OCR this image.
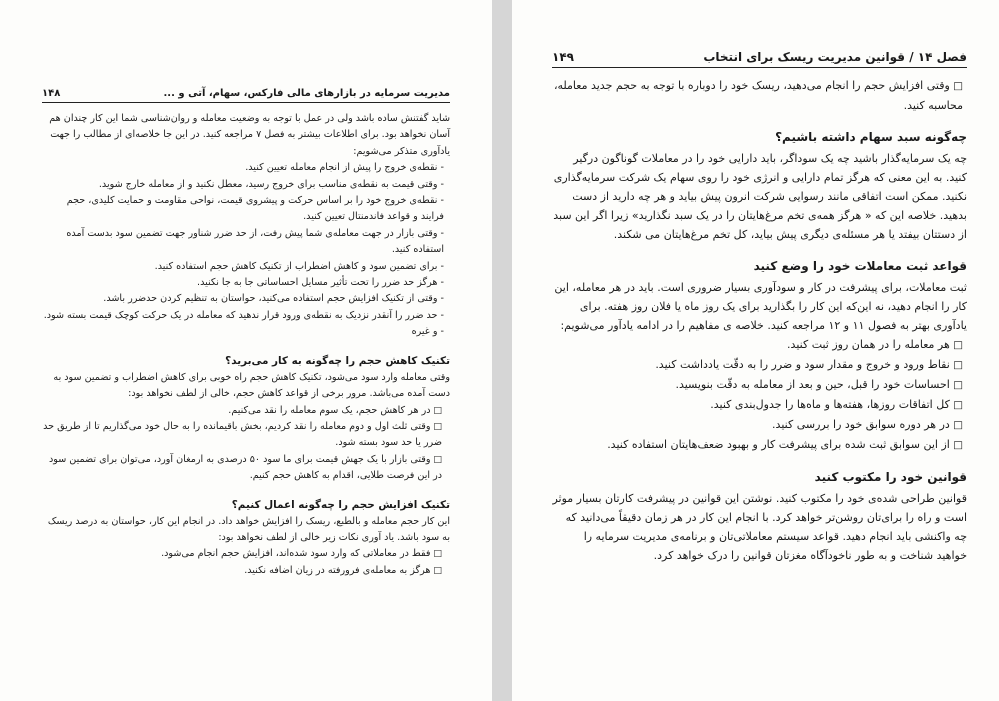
مدیریت سرمایه در بازارهای مالی فارکس، سهام، آتی و ...
۱۴۸

شاید گفتنش ساده باشد ولی در عمل با توجه به وضعیت معامله و روان‌شناسی شما این کار چندان هم آسان نخواهد بود. برای اطلاعات بیشتر به فصل ۷ مراجعه کنید. در این جا خلاصه‌ای از مطالب را جهت یادآوری متذکر می‌شویم:

- نقطه‌ی خروج را پیش از انجام معامله تعیین کنید.
- وقتی قیمت به نقطه‌ی مناسب برای خروج رسید، معطل نکنید و از معامله خارج شوید.
- نقطه‌ی خروج خود را بر اساس حرکت و پیشروی قیمت، نواحی مقاومت و حمایت کلیدی، حجم فرایند و قواعد فاندمنتال تعیین کنید.
- وقتی بازار در جهت معامله‌ی شما پیش رفت، از حد ضرر شناور جهت تضمین سود بدست آمده استفاده کنید.
- برای تضمین سود و کاهش اضطراب از تکنیک کاهش حجم استفاده کنید.
- هرگز حد ضرر را تحت تأثیر مسایل احساساتی جا به جا نکنید.
- وقتی از تکنیک افزایش حجم استفاده می‌کنید، حواستان به تنظیم کردن حدضرر باشد.
- حد ضرر را آنقدر نزدیک به نقطه‌ی ورود قرار ندهید که معامله در یک حرکت کوچک قیمت بسته شود.
- و غیره
تکنیک کاهش حجم را چه‌گونه به کار می‌برید؟

وقتی معامله وارد سود می‌شود، تکنیک کاهش حجم راه خوبی برای کاهش اضطراب و تضمین سود به دست آمده می‌باشد. مرور برخی از قواعد کاهش حجم، خالی از لطف نخواهد بود:

□ در هر کاهش حجم، یک سوم معامله را نقد می‌کنیم.
□ وقتی ثلث اول و دوم معامله را نقد کردیم، بخش باقیمانده را به حال خود می‌گذاریم تا از طریق حد ضرر یا حد سود بسته شود.
□ وقتی بازار با یک جهش قیمت برای ما سود ۵۰ درصدی به ارمغان آورد، می‌توان برای تضمین سود در این فرصت طلایی، اقدام به کاهش حجم کنیم.
تکنیک افزایش حجم را چه‌گونه اعمال کنیم؟

این کار حجم معامله و بالطبع، ریسک را افزایش خواهد داد. در انجام این کار، حواستان به درصد ریسک به سود باشد. یاد آوری نکات زیر خالی از لطف نخواهد بود:

□ فقط در معاملاتی که وارد سود شده‌اند، افزایش حجم انجام می‌شود.
□ هرگز به معامله‌ی فرورفته در زیان اضافه نکنید.
فصل ۱۴ / قوانین مدیریت ریسک برای انتخاب
۱۴۹
□ وقتی افزایش حجم را انجام می‌دهید، ریسک خود را دوباره با توجه به حجم جدید معامله، محاسبه کنید.
چه‌گونه سبد سهام داشته باشیم؟

چه یک سرمایه‌گذار باشید چه یک سوداگر، باید دارایی خود را در معاملات گوناگون درگیر کنید. به این معنی که هرگز تمام دارایی و انرژی خود را روی سهام یک شرکت سرمایه‌گذاری نکنید. ممکن است اتفاقی مانند رسوایی شرکت انرون پیش بیاید و هر چه دارید از دست بدهید. خلاصه این که « هرگز همه‌ی تخم مرغ‌هایتان را در یک سبد نگذارید» زیرا اگر این سبد از دستتان بیفتد یا هر مسئله‌ی دیگری پیش بیاید، کل تخم مرغ‌هایتان می شکند.

قواعد ثبت معاملات خود را وضع کنید

ثبت معاملات، برای پیشرفت در کار و سودآوری بسیار ضروری است. باید در هر معامله، این کار را انجام دهید، نه این‌که این کار را بگذارید برای یک روز ماه یا فلان روز هفته. برای یادآوری بهتر به فصول ۱۱ و ۱۲ مراجعه کنید. خلاصه ی مفاهیم را در ادامه یادآور می‌شویم:

□ هر معامله را در همان روز ثبت کنید.
□ نقاط ورود و خروج و مقدار سود و ضرر را به دقّت یادداشت کنید.
□ احساسات خود را قبل، حین و بعد از معامله به دقّت بنویسید.
□ کل اتفاقات روزها، هفته‌ها و ماه‌ها را جدول‌بندی کنید.
□ در هر دوره سوابق خود را بررسی کنید.
□ از این سوابق ثبت شده برای پیشرفت کار و بهبود ضعف‌هایتان استفاده کنید.
قوانین خود را مکتوب کنید

قوانین طراحی شده‌ی خود را مکتوب کنید. نوشتن این قوانین در پیشرفت کارتان بسیار موثر است و راه را برای‌تان روشن‌تر خواهد کرد. با انجام این کار در هر زمان دقیقاً می‌دانید که چه واکنشی باید انجام دهید. قواعد سیستم معاملاتی‌تان و برنامه‌ی مدیریت سرمایه را خواهید شناخت و به طور ناخودآگاه مغزتان قوانین را درک خواهد کرد.
